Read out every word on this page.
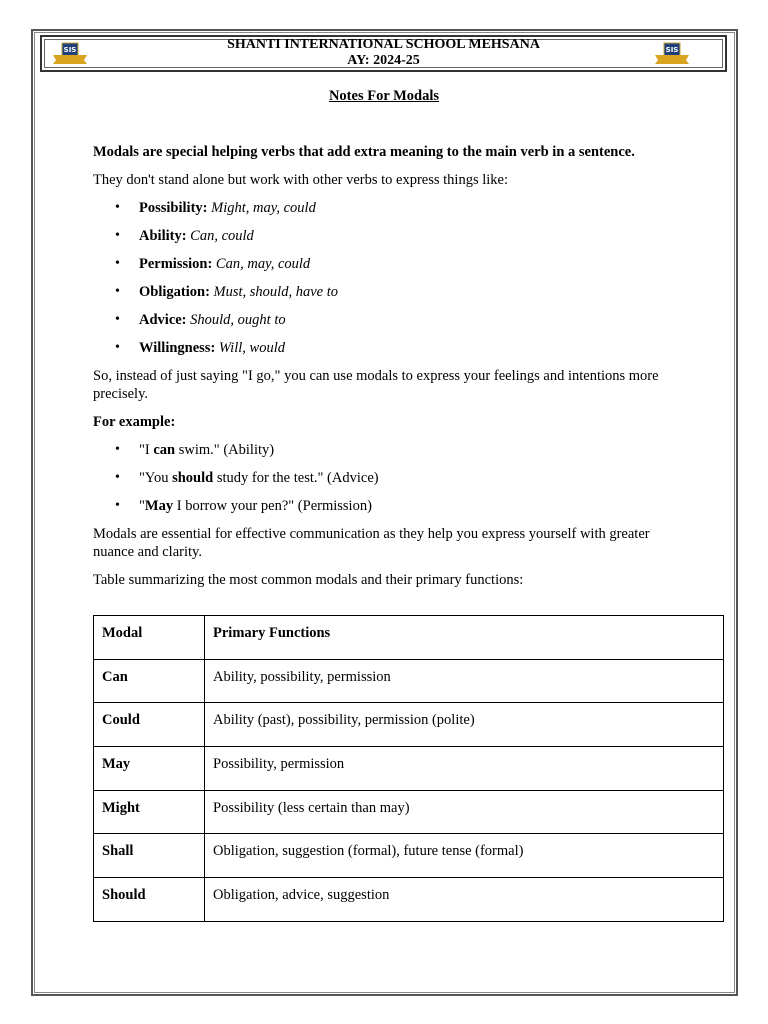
SIS	SHANTI INTERNATIONAL SCHOOL MEHSANA
AY: 2024-25
SIS
Notes For Modals

Modals are special helping verbs that add extra meaning to the main verb in a sentence.

They don't stand alone but work with other verbs to express things like:

• Possibility: Might, may, could
• Ability: Can, could
• Permission: Can, may, could
• Obligation: Must, should, have to
• Advice: Should, ought to
• Willingness: Will, would

So, instead of just saying "I go," you can use modals to express your feelings and intentions more precisely.

For example:

• "I can swim." (Ability)
• "You should study for the test." (Advice)
• "May I borrow your pen?" (Permission)

Modals are essential for effective communication as they help you express yourself with greater nuance and clarity.

Table summarizing the most common modals and their primary functions:

Modal	Primary Functions
Can	Ability, possibility, permission
Could	Ability (past), possibility, permission (polite)
May	Possibility, permission
Might	Possibility (less certain than may)
Shall	Obligation, suggestion (formal), future tense (formal)
Should	Obligation, advice, suggestion
